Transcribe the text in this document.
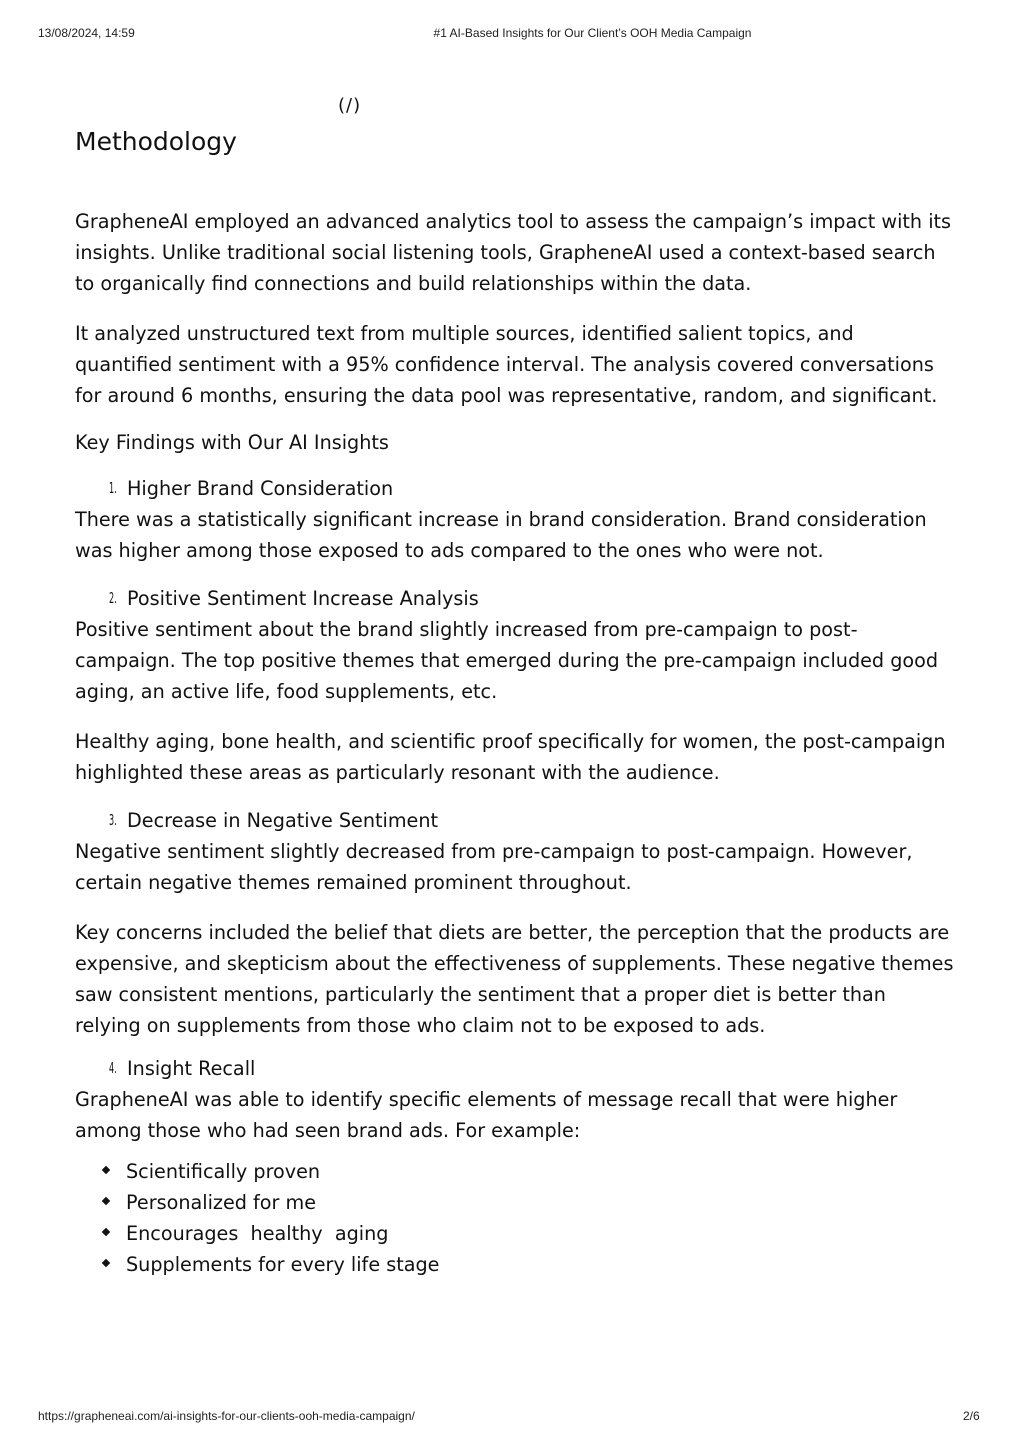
13/08/2024, 14:59	#1 AI-Based Insights for Our Client’s OOH Media Campaign
(/)
Methodology

GrapheneAI employed an advanced analytics tool to assess the campaign’s impact with its insights. Unlike traditional social listening tools, GrapheneAI used a context-based search to organically find connections and build relationships within the data.

It analyzed unstructured text from multiple sources, identified salient topics, and quantified sentiment with a 95% confidence interval. The analysis covered conversations for around 6 months, ensuring the data pool was representative, random, and significant.

Key Findings with Our AI Insights

1. Higher Brand Consideration

There was a statistically significant increase in brand consideration. Brand consideration was higher among those exposed to ads compared to the ones who were not.

2. Positive Sentiment Increase Analysis

Positive sentiment about the brand slightly increased from pre-campaign to post-campaign. The top positive themes that emerged during the pre-campaign included good aging, an active life, food supplements, etc.

Healthy aging, bone health, and scientific proof specifically for women, the post-campaign highlighted these areas as particularly resonant with the audience.

3. Decrease in Negative Sentiment

Negative sentiment slightly decreased from pre-campaign to post-campaign. However, certain negative themes remained prominent throughout.

Key concerns included the belief that diets are better, the perception that the products are expensive, and skepticism about the effectiveness of supplements. These negative themes saw consistent mentions, particularly the sentiment that a proper diet is better than relying on supplements from those who claim not to be exposed to ads.

4. Insight Recall

GrapheneAI was able to identify specific elements of message recall that were higher among those who had seen brand ads. For example:

Scientifically proven
Personalized for me
Encourages  healthy  aging
Supplements for every life stage
https://grapheneai.com/ai-insights-for-our-clients-ooh-media-campaign/	2/6
